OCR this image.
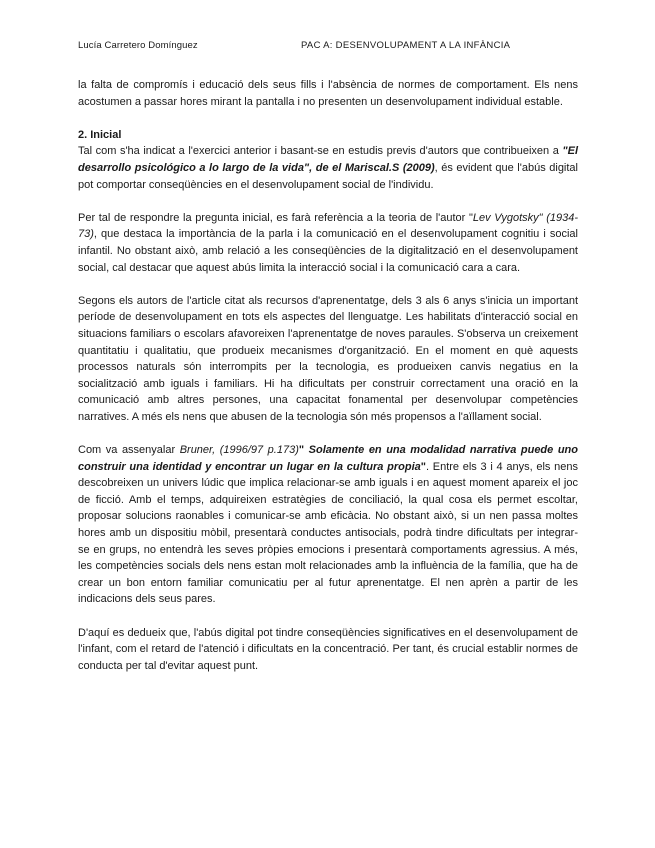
Lucía Carretero Domínguez	PAC A: DESENVOLUPAMENT A LA INFÀNCIA

la falta de compromís i educació dels seus fills i l'absència de normes de comportament. Els nens acostumen a passar hores mirant la pantalla i no presenten un desenvolupament individual estable.

2. Inicial

Tal com s'ha indicat a l'exercici anterior i basant-se en estudis previs d'autors que contribueixen a "El desarrollo psicológico a lo largo de la vida", de el Mariscal.S (2009), és evident que l'abús digital pot comportar conseqüències en el desenvolupament social de l'individu.

Per tal de respondre la pregunta inicial, es farà referència a la teoria de l'autor "Lev Vygotsky" (1934-73), que destaca la importància de la parla i la comunicació en el desenvolupament cognitiu i social infantil. No obstant això, amb relació a les conseqüències de la digitalització en el desenvolupament social, cal destacar que aquest abús limita la interacció social i la comunicació cara a cara.

Segons els autors de l'article citat als recursos d'aprenentatge, dels 3 als 6 anys s'inicia un important període de desenvolupament en tots els aspectes del llenguatge. Les habilitats d'interacció social en situacions familiars o escolars afavoreixen l'aprenentatge de noves paraules. S'observa un creixement quantitatiu i qualitatiu, que produeix mecanismes d'organització. En el moment en què aquests processos naturals són interrompits per la tecnologia, es produeixen canvis negatius en la socialització amb iguals i familiars. Hi ha dificultats per construir correctament una oració en la comunicació amb altres persones, una capacitat fonamental per desenvolupar competències narratives. A més els nens que abusen de la tecnologia són més propensos a l'aïllament social.

Com va assenyalar Bruner, (1996/97 p.173)" Solamente en una modalidad narrativa puede uno construir una identidad y encontrar un lugar en la cultura propia". Entre els 3 i 4 anys, els nens descobreixen un univers lúdic que implica relacionar-se amb iguals i en aquest moment apareix el joc de ficció. Amb el temps, adquireixen estratègies de conciliació, la qual cosa els permet escoltar, proposar solucions raonables i comunicar-se amb eficàcia. No obstant això, si un nen passa moltes hores amb un dispositiu mòbil, presentarà conductes antisocials, podrà tindre dificultats per integrar-se en grups, no entendrà les seves pròpies emocions i presentarà comportaments agressius. A més, les competències socials dels nens estan molt relacionades amb la influència de la família, que ha de crear un bon entorn familiar comunicatiu per al futur aprenentatge. El nen aprèn a partir de les indicacions dels seus pares.

D'aquí es dedueix que, l'abús digital pot tindre conseqüències significatives en el desenvolupament de l'infant, com el retard de l'atenció i dificultats en la concentració. Per tant, és crucial establir normes de conducta per tal d'evitar aquest punt.
